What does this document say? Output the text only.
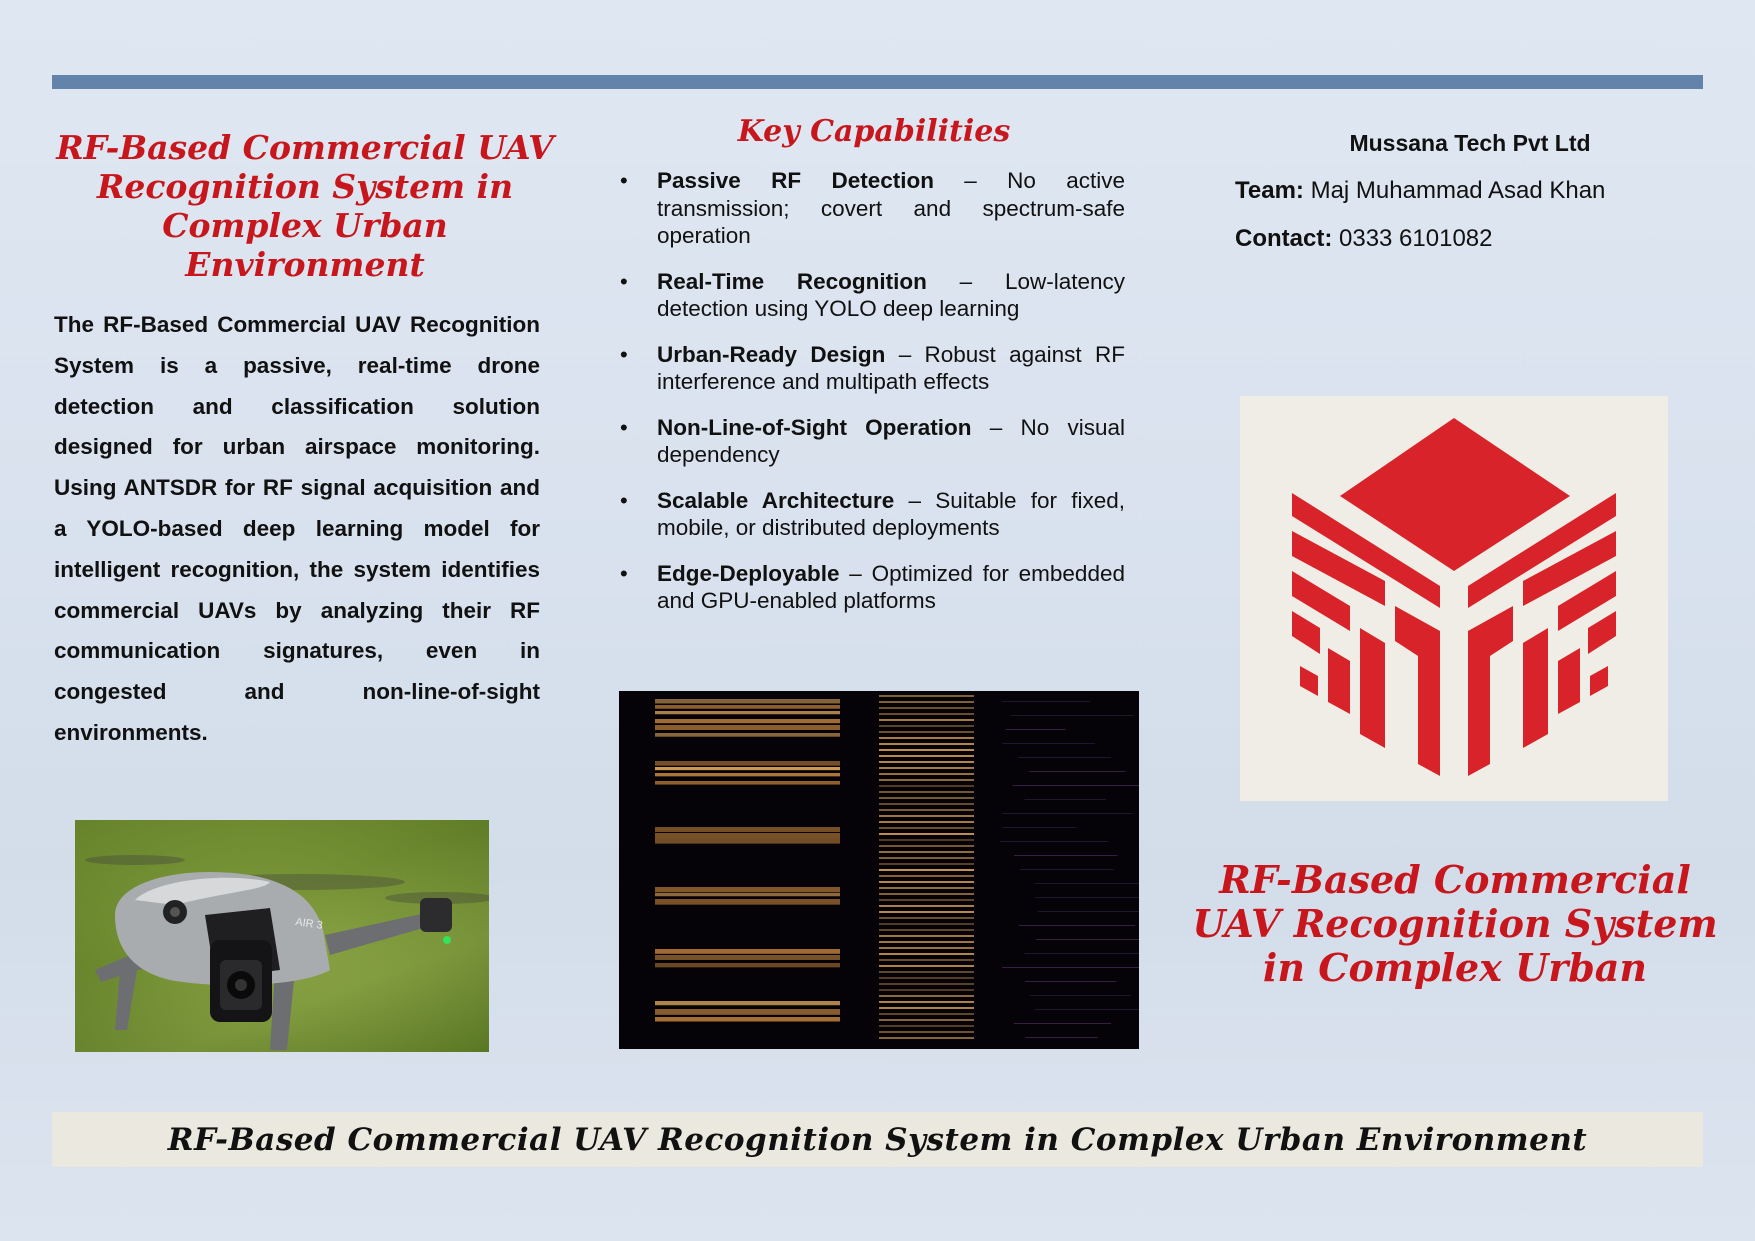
RF-Based Commercial UAV Recognition System in Complex Urban Environment
The RF-Based Commercial UAV Recognition System is a passive, real-time drone detection and classification solution designed for urban airspace monitoring. Using ANTSDR for RF signal acquisition and a YOLO-based deep learning model for intelligent recognition, the system identifies commercial UAVs by analyzing their RF communication signatures, even in congested and non-line-of-sight environments.
AIR 3
Key Capabilities
• Passive RF Detection – No active transmission; covert and spectrum-safe operation
• Real-Time Recognition – Low-latency detection using YOLO deep learning
• Urban-Ready Design – Robust against RF interference and multipath effects
• Non-Line-of-Sight Operation – No visual dependency
• Scalable Architecture – Suitable for fixed, mobile, or distributed deployments
• Edge-Deployable – Optimized for embedded and GPU-enabled platforms
Mussana Tech Pvt Ltd
Team: Maj Muhammad Asad Khan
Contact: 0333 6101082
RF-Based Commercial UAV Recognition System in Complex Urban
RF-Based Commercial UAV Recognition System in Complex Urban Environment
